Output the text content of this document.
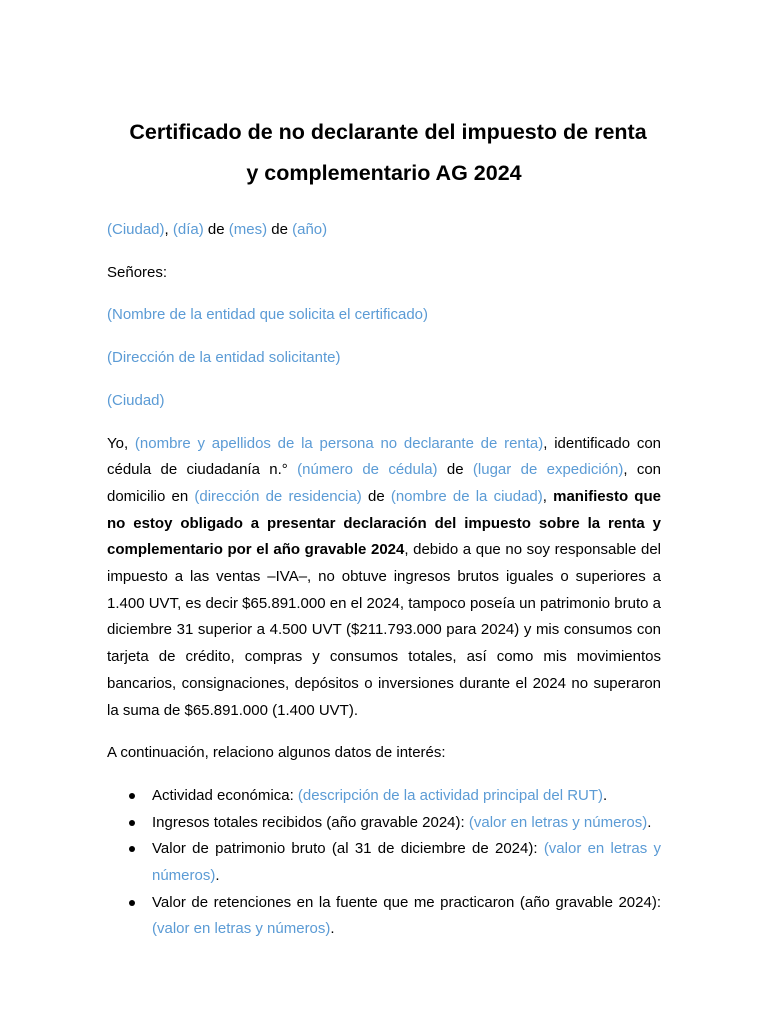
Certificado de no declarante del impuesto de renta
y complementario AG 2024

(Ciudad), (día) de (mes) de (año)

Señores:

(Nombre de la entidad que solicita el certificado)

(Dirección de la entidad solicitante)

(Ciudad)

Yo, (nombre y apellidos de la persona no declarante de renta), identificado con cédula de ciudadanía n.° (número de cédula) de (lugar de expedición), con domicilio en (dirección de residencia) de (nombre de la ciudad), manifiesto que no estoy obligado a presentar declaración del impuesto sobre la renta y complementario por el año gravable 2024, debido a que no soy responsable del impuesto a las ventas –IVA–, no obtuve ingresos brutos iguales o superiores a 1.400 UVT, es decir $65.891.000 en el 2024, tampoco poseía un patrimonio bruto a diciembre 31 superior a 4.500 UVT ($211.793.000 para 2024) y mis consumos con tarjeta de crédito, compras y consumos totales, así como mis movimientos bancarios, consignaciones, depósitos o inversiones durante el 2024 no superaron la suma de $65.891.000 (1.400 UVT).

A continuación, relaciono algunos datos de interés:

Actividad económica: (descripción de la actividad principal del RUT).
Ingresos totales recibidos (año gravable 2024): (valor en letras y números).
Valor de patrimonio bruto (al 31 de diciembre de 2024): (valor en letras y números).
Valor de retenciones en la fuente que me practicaron (año gravable 2024): (valor en letras y números).
